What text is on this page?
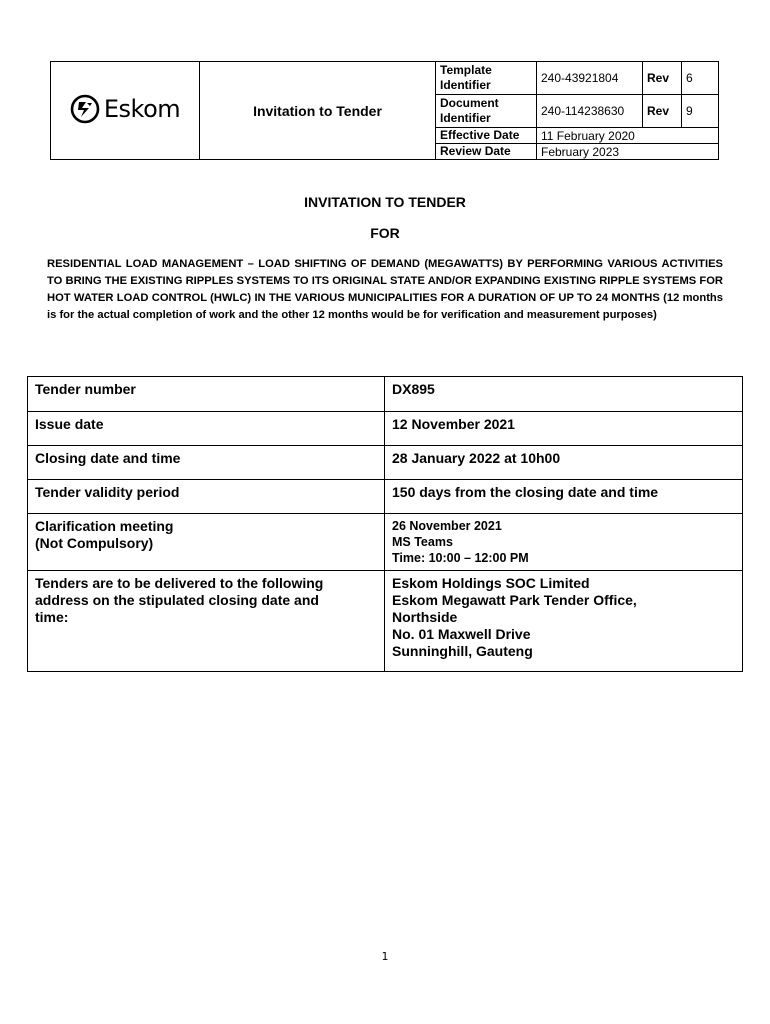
Eskom	Invitation to Tender	Template Identifier	240-43921804	Rev	6
		Document Identifier	240-114238630	Rev	9
		Effective Date	11 February 2020		
		Review Date	February 2023		
INVITATION TO TENDER
FOR
RESIDENTIAL LOAD MANAGEMENT – LOAD SHIFTING OF DEMAND (MEGAWATTS) BY PERFORMING VARIOUS ACTIVITIES TO BRING THE EXISTING RIPPLES SYSTEMS TO ITS ORIGINAL STATE AND/OR EXPANDING EXISTING RIPPLE SYSTEMS FOR HOT WATER LOAD CONTROL (HWLC) IN THE VARIOUS MUNICIPALITIES FOR A DURATION OF UP TO 24 MONTHS (12 months is for the actual completion of work and the other 12 months would be for verification and measurement purposes)
Tender number	DX895

Issue date	12 November 2021

Closing date and time	28 January 2022 at 10h00

Tender validity period	150 days from the closing date and time

Clarification meeting
(Not Compulsory)	26 November 2021
MS Teams
Time: 10:00 – 12:00 PM

Tenders are to be delivered to the following
address on the stipulated closing date and
time:	Eskom Holdings SOC Limited
Eskom Megawatt Park Tender Office,
Northside
No. 01 Maxwell Drive
Sunninghill, Gauteng
1
